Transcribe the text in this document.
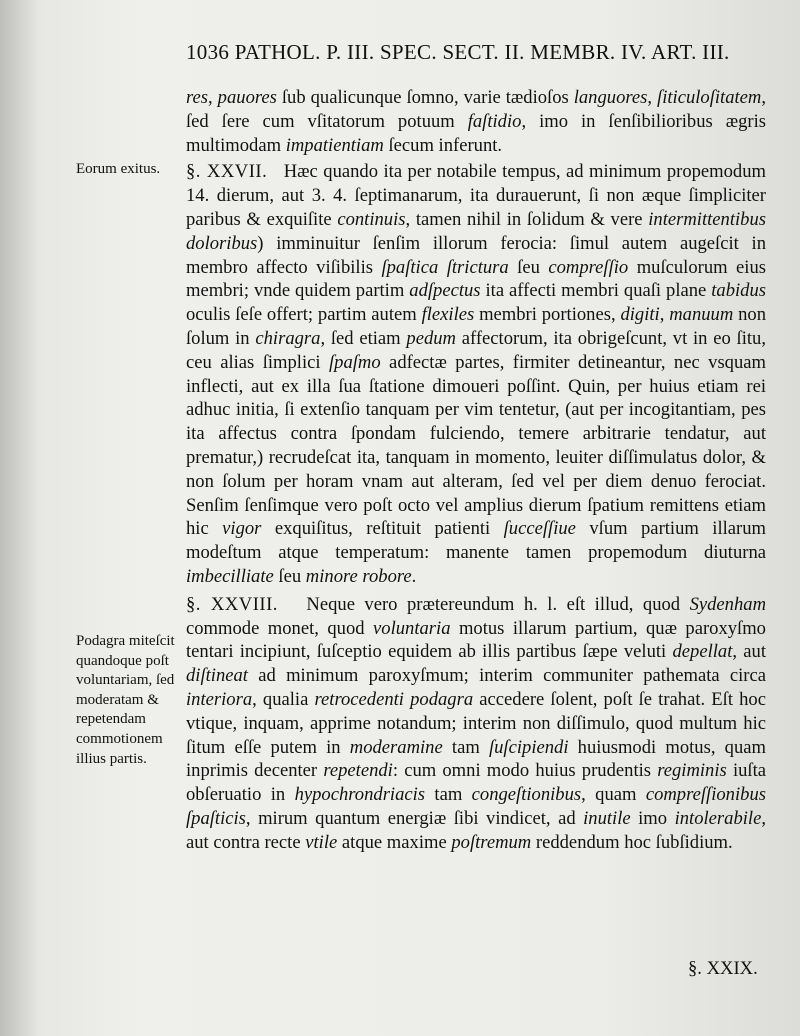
1036 PATHOL. P. III. SPEC. SECT. II. MEMBR. IV. ART. III.

res, pauores ſub qualicunque ſomno, varie tædioſos languores, ſiticuloſitatem, ſed ſere cum vſitatorum potuum faſtidio, imo in ſenſibilioribus ægris multimodam impatientiam ſecum inferunt.

§. XXVII. Hæc quando ita per notabile tempus, ad minimum propemodum 14. dierum, aut 3. 4. ſeptimanarum, ita durauerunt, ſi non æque ſimpliciter paribus & exquiſite continuis, tamen nihil in ſolidum & vere intermittentibus doloribus) imminuitur ſenſim illorum ferocia: ſimul autem augeſcit in membro affecto viſibilis ſpaſtica ſtrictura ſeu compreſſio muſculorum eius membri; vnde quidem partim adſpectus ita affecti membri quaſi plane tabidus oculis ſeſe offert; partim autem flexiles membri portiones, digiti, manuum non ſolum in chiragra, ſed etiam pedum affectorum, ita obrigeſcunt, vt in eo ſitu, ceu alias ſimplici ſpaſmo adfectæ partes, firmiter detineantur, nec vsquam inflecti, aut ex illa ſua ſtatione dimoueri poſſint. Quin, per huius etiam rei adhuc initia, ſi extenſio tanquam per vim tentetur, (aut per incogitantiam, pes ita affectus contra ſpondam fulciendo, temere arbitrarie tendatur, aut prematur,) recrudeſcat ita, tanquam in momento, leuiter diſſimulatus dolor, & non ſolum per horam vnam aut alteram, ſed vel per diem denuo ferociat. Senſim ſenſimque vero poſt octo vel amplius dierum ſpatium remittens etiam hic vigor exquiſitus, reſtituit patienti ſucceſſiue vſum partium illarum modeſtum atque temperatum: manente tamen propemodum diuturna imbecilliate ſeu minore robore.

§. XXVIII. Neque vero prætereundum h. l. eſt illud, quod Sydenham commode monet, quod voluntaria motus illarum partium, quæ paroxyſmo tentari incipiunt, ſuſceptio equidem ab illis partibus ſæpe veluti depellat, aut diſtineat ad minimum paroxyſmum; interim communiter pathemata circa interiora, qualia retrocedenti podagra accedere ſolent, poſt ſe trahat. Eſt hoc vtique, inquam, apprime notandum; interim non diſſimulo, quod multum hic ſitum eſſe putem in moderamine tam ſuſcipiendi huiusmodi motus, quam inprimis decenter repetendi: cum omni modo huius prudentis regiminis iuſta obſeruatio in hypochrondriacis tam congeſtionibus, quam compreſſionibus ſpaſticis, mirum quantum energiæ ſibi vindicet, ad inutile imo intolerabile, aut contra recte vtile atque maxime poſtremum reddendum hoc ſubſidium.

Eorum exitus.
Podagra miteſcit quandoque poſt voluntariam, ſed moderatam & repetendam commotionem illius partis.
§. XXIX.
